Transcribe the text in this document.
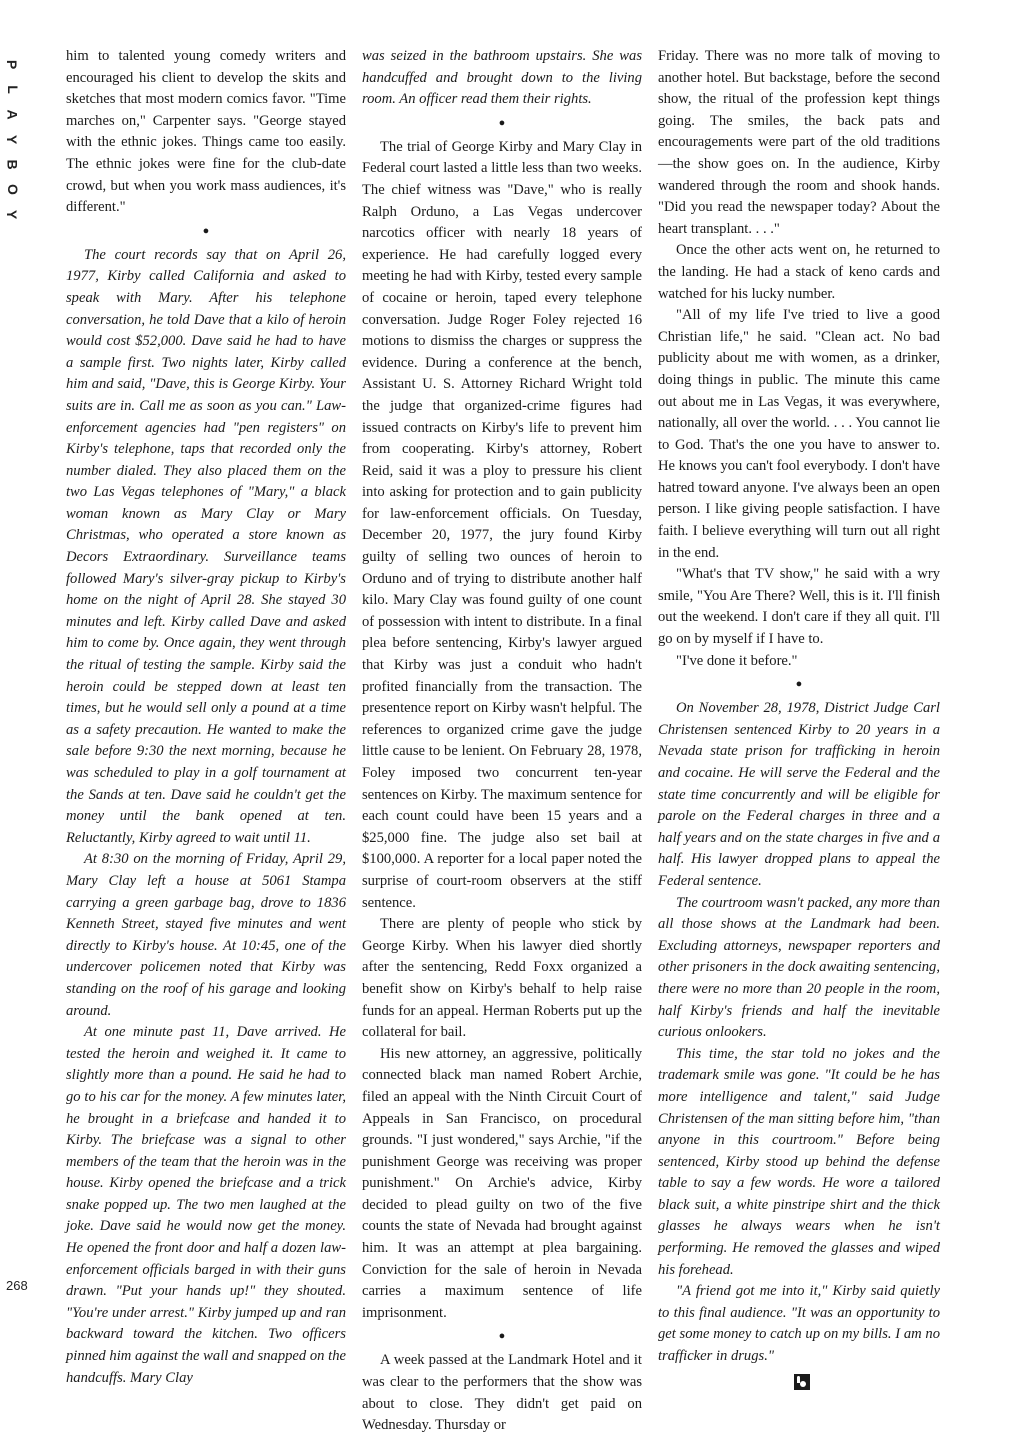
P
L
A
Y
B
O
Y
268

him to talented young comedy writers and encouraged his client to develop the skits and sketches that most modern comics favor. "Time marches on," Carpenter says. "George stayed with the ethnic jokes. Things came too easily. The ethnic jokes were fine for the club-date crowd, but when you work mass audiences, it's different."

●

The court records say that on April 26, 1977, Kirby called California and asked to speak with Mary. After his telephone conversation, he told Dave that a kilo of heroin would cost $52,000. Dave said he had to have a sample first. Two nights later, Kirby called him and said, "Dave, this is George Kirby. Your suits are in. Call me as soon as you can." Law-enforcement agencies had "pen registers" on Kirby's telephone, taps that recorded only the number dialed. They also placed them on the two Las Vegas telephones of "Mary," a black woman known as Mary Clay or Mary Christmas, who operated a store known as Decors Extraordinary. Surveillance teams followed Mary's silver-gray pickup to Kirby's home on the night of April 28. She stayed 30 minutes and left. Kirby called Dave and asked him to come by. Once again, they went through the ritual of testing the sample. Kirby said the heroin could be stepped down at least ten times, but he would sell only a pound at a time as a safety precaution. He wanted to make the sale before 9:30 the next morning, because he was scheduled to play in a golf tournament at the Sands at ten. Dave said he couldn't get the money until the bank opened at ten. Reluctantly, Kirby agreed to wait until 11.

At 8:30 on the morning of Friday, April 29, Mary Clay left a house at 5061 Stampa carrying a green garbage bag, drove to 1836 Kenneth Street, stayed five minutes and went directly to Kirby's house. At 10:45, one of the undercover policemen noted that Kirby was standing on the roof of his garage and looking around.

At one minute past 11, Dave arrived. He tested the heroin and weighed it. It came to slightly more than a pound. He said he had to go to his car for the money. A few minutes later, he brought in a briefcase and handed it to Kirby. The briefcase was a signal to other members of the team that the heroin was in the house. Kirby opened the briefcase and a trick snake popped up. The two men laughed at the joke. Dave said he would now get the money. He opened the front door and half a dozen law-enforcement officials barged in with their guns drawn. "Put your hands up!" they shouted. "You're under arrest." Kirby jumped up and ran backward toward the kitchen. Two officers pinned him against the wall and snapped on the handcuffs. Mary Clay

was seized in the bathroom upstairs. She was handcuffed and brought down to the living room. An officer read them their rights.

●

The trial of George Kirby and Mary Clay in Federal court lasted a little less than two weeks. The chief witness was "Dave," who is really Ralph Orduno, a Las Vegas undercover narcotics officer with nearly 18 years of experience. He had carefully logged every meeting he had with Kirby, tested every sample of cocaine or heroin, taped every telephone conversation. Judge Roger Foley rejected 16 motions to dismiss the charges or suppress the evidence. During a conference at the bench, Assistant U. S. Attorney Richard Wright told the judge that organized-crime figures had issued contracts on Kirby's life to prevent him from cooperating. Kirby's attorney, Robert Reid, said it was a ploy to pressure his client into asking for protection and to gain publicity for law-enforcement officials. On Tuesday, December 20, 1977, the jury found Kirby guilty of selling two ounces of heroin to Orduno and of trying to distribute another half kilo. Mary Clay was found guilty of one count of possession with intent to distribute. In a final plea before sentencing, Kirby's lawyer argued that Kirby was just a conduit who hadn't profited financially from the transaction. The presentence report on Kirby wasn't helpful. The references to organized crime gave the judge little cause to be lenient. On February 28, 1978, Foley imposed two concurrent ten-year sentences on Kirby. The maximum sentence for each count could have been 15 years and a $25,000 fine. The judge also set bail at $100,000. A reporter for a local paper noted the surprise of court-room observers at the stiff sentence.

There are plenty of people who stick by George Kirby. When his lawyer died shortly after the sentencing, Redd Foxx organized a benefit show on Kirby's behalf to help raise funds for an appeal. Herman Roberts put up the collateral for bail.

His new attorney, an aggressive, politically connected black man named Robert Archie, filed an appeal with the Ninth Circuit Court of Appeals in San Francisco, on procedural grounds. "I just wondered," says Archie, "if the punishment George was receiving was proper punishment." On Archie's advice, Kirby decided to plead guilty on two of the five counts the state of Nevada had brought against him. It was an attempt at plea bargaining. Conviction for the sale of heroin in Nevada carries a maximum sentence of life imprisonment.

●

A week passed at the Landmark Hotel and it was clear to the performers that the show was about to close. They didn't get paid on Wednesday. Thursday or

Friday. There was no more talk of moving to another hotel. But backstage, before the second show, the ritual of the profession kept things going. The smiles, the back pats and encouragements were part of the old traditions—the show goes on. In the audience, Kirby wandered through the room and shook hands. "Did you read the newspaper today? About the heart transplant. . . ."

Once the other acts went on, he returned to the landing. He had a stack of keno cards and watched for his lucky number.

"All of my life I've tried to live a good Christian life," he said. "Clean act. No bad publicity about me with women, as a drinker, doing things in public. The minute this came out about me in Las Vegas, it was everywhere, nationally, all over the world. . . . You cannot lie to God. That's the one you have to answer to. He knows you can't fool everybody. I don't have hatred toward anyone. I've always been an open person. I like giving people satisfaction. I have faith. I believe everything will turn out all right in the end.

"What's that TV show," he said with a wry smile, "You Are There? Well, this is it. I'll finish out the weekend. I don't care if they all quit. I'll go on by myself if I have to.

"I've done it before."

●

On November 28, 1978, District Judge Carl Christensen sentenced Kirby to 20 years in a Nevada state prison for trafficking in heroin and cocaine. He will serve the Federal and the state time concurrently and will be eligible for parole on the Federal charges in three and a half years and on the state charges in five and a half. His lawyer dropped plans to appeal the Federal sentence.

The courtroom wasn't packed, any more than all those shows at the Landmark had been. Excluding attorneys, newspaper reporters and other prisoners in the dock awaiting sentencing, there were no more than 20 people in the room, half Kirby's friends and half the inevitable curious onlookers.

This time, the star told no jokes and the trademark smile was gone. "It could be he has more intelligence and talent," said Judge Christensen of the man sitting before him, "than anyone in this courtroom." Before being sentenced, Kirby stood up behind the defense table to say a few words. He wore a tailored black suit, a white pinstripe shirt and the thick glasses he always wears when he isn't performing. He removed the glasses and wiped his forehead.

"A friend got me into it," Kirby said quietly to this final audience. "It was an opportunity to get some money to catch up on my bills. I am no trafficker in drugs."
